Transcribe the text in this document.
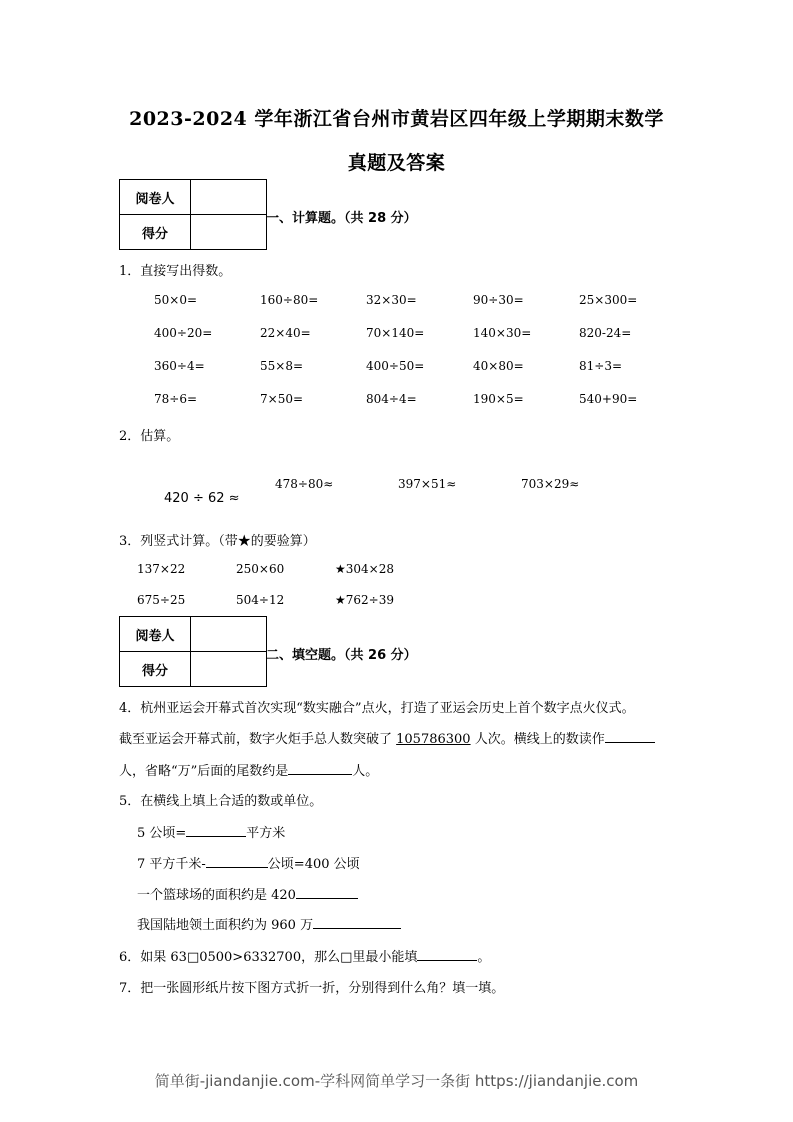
2023-2024 学年浙江省台州市黄岩区四年级上学期期末数学
真题及答案
阅卷人	
得分	
一、计算题。（共 28 分）
1．直接写出得数。
50×0=	160÷80=	32×30=	90÷30=	25×300=
400÷20=	22×40=	70×140=	140×30=	820-24=
360÷4=	55×8=	400÷50=	40×80=	81÷3=
78÷6=	7×50=	804÷4=	190×5=	540+90=
2．估算。
420 ÷ 62 ≈
478÷80≈	397×51≈	703×29≈
3．列竖式计算。（带★的要验算）
137×22	250×60	★304×28
675÷25	504÷12	★762÷39
阅卷人	
得分	
二、填空题。（共 26 分）
4．杭州亚运会开幕式首次实现“数实融合”点火，打造了亚运会历史上首个数字点火仪式。
截至亚运会开幕式前，数字火炬手总人数突破了 105786300 人次。横线上的数读作
人，省略“万”后面的尾数约是	人。
5．在横线上填上合适的数或单位。
5 公顷=	平方米
7 平方千米-	公顷=400 公顷
一个篮球场的面积约是 420
我国陆地领土面积约为 960 万
6．如果 63□0500>6332700，那么□里最小能填	。
7．把一张圆形纸片按下图方式折一折，分别得到什么角？填一填。
简单街-jiandanjie.com-学科网简单学习一条街 https://jiandanjie.com
